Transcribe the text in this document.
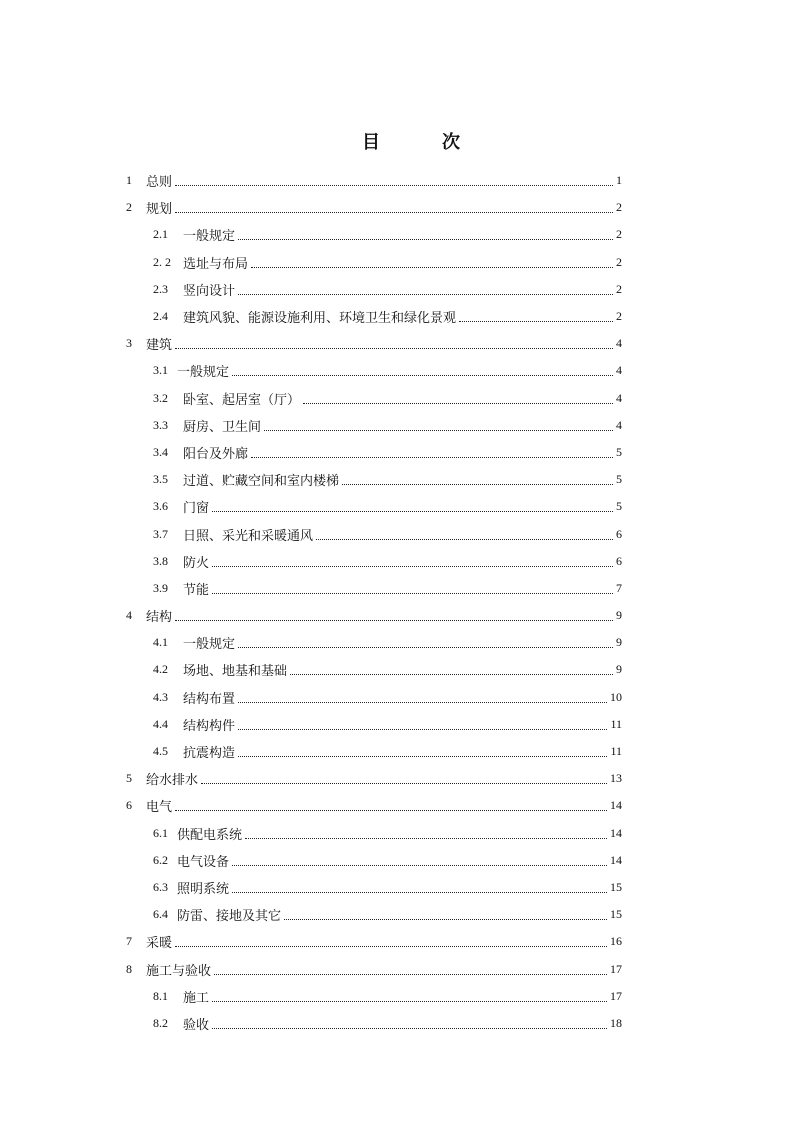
目　次
1	总则	1
2	规划	2
2.1	一般规定	2
2. 2 选址与布局	2
2.3	竖向设计	2
2.4	建筑风貌、能源设施利用、环境卫生和绿化景观	2
3	建筑	4
3.1 一般规定	4
3.2	卧室、起居室（厅）	4
3.3	厨房、卫生间	4
3.4	阳台及外廊	5
3.5	过道、贮藏空间和室内楼梯	5
3.6	门窗	5
3.7	日照、采光和采暖通风	6
3.8	防火	6
3.9	节能	7
4	结构	9
4.1	一般规定	9
4.2	场地、地基和基础	9
4.3	结构布置	10
4.4	结构构件	11
4.5	抗震构造	11
5	给水排水	13
6	电气	14
6.1 供配电系统	14
6.2 电气设备	14
6.3 照明系统	15
6.4 防雷、接地及其它	15
7	采暖	16
8	施工与验收	17
8.1	施工	17
8.2	验收	18
